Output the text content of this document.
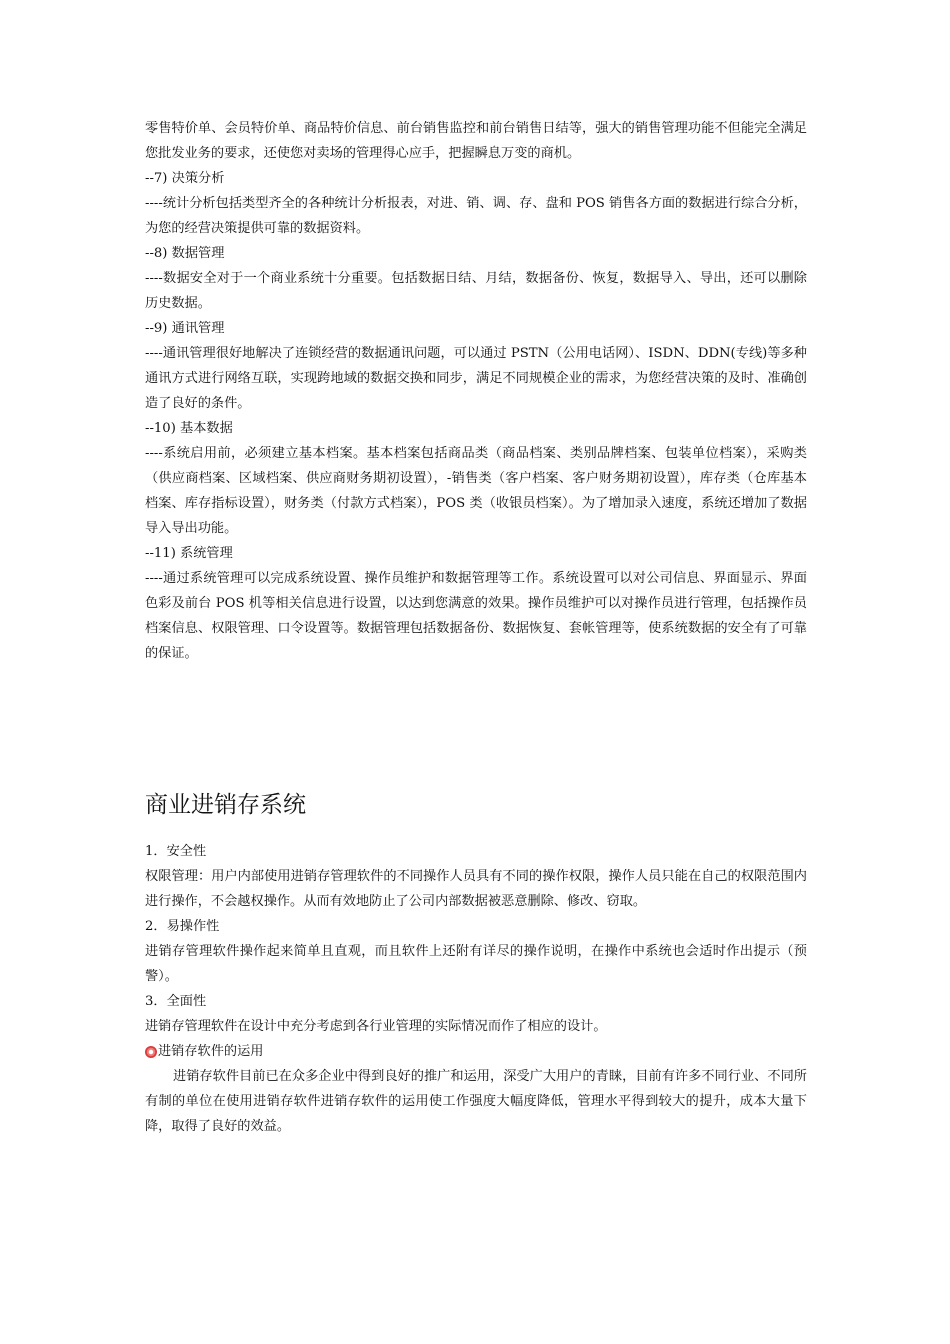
零售特价单、会员特价单、商品特价信息、前台销售监控和前台销售日结等，强大的销售管理功能不但能完全满足您批发业务的要求，还使您对卖场的管理得心应手，把握瞬息万变的商机。

--7) 决策分析

----统计分析包括类型齐全的各种统计分析报表，对进、销、调、存、盘和 POS 销售各方面的数据进行综合分析，为您的经营决策提供可靠的数据资料。

--8) 数据管理

----数据安全对于一个商业系统十分重要。包括数据日结、月结，数据备份、恢复，数据导入、导出，还可以删除历史数据。

--9) 通讯管理

----通讯管理很好地解决了连锁经营的数据通讯问题，可以通过 PSTN（公用电话网）、ISDN、DDN(专线)等多种通讯方式进行网络互联，实现跨地域的数据交换和同步，满足不同规模企业的需求，为您经营决策的及时、准确创造了良好的条件。

--10) 基本数据

----系统启用前，必须建立基本档案。基本档案包括商品类（商品档案、类别品牌档案、包装单位档案），采购类（供应商档案、区域档案、供应商财务期初设置），-销售类（客户档案、客户财务期初设置），库存类（仓库基本档案、库存指标设置），财务类（付款方式档案），POS 类（收银员档案）。为了增加录入速度，系统还增加了数据导入导出功能。

--11) 系统管理

----通过系统管理可以完成系统设置、操作员维护和数据管理等工作。系统设置可以对公司信息、界面显示、界面色彩及前台 POS 机等相关信息进行设置，以达到您满意的效果。操作员维护可以对操作员进行管理，包括操作员档案信息、权限管理、口令设置等。数据管理包括数据备份、数据恢复、套帐管理等，使系统数据的安全有了可靠的保证。

商业进销存系统

1．安全性

权限管理：用户内部使用进销存管理软件的不同操作人员具有不同的操作权限，操作人员只能在自己的权限范围内进行操作，不会越权操作。从而有效地防止了公司内部数据被恶意删除、修改、窃取。

2．易操作性

进销存管理软件操作起来简单且直观，而且软件上还附有详尽的操作说明，在操作中系统也会适时作出提示（预警）。

3．全面性

进销存管理软件在设计中充分考虑到各行业管理的实际情况而作了相应的设计。

进销存软件的运用

进销存软件目前已在众多企业中得到良好的推广和运用，深受广大用户的青睐，目前有许多不同行业、不同所有制的单位在使用进销存软件进销存软件的运用使工作强度大幅度降低，管理水平得到较大的提升，成本大量下降，取得了良好的效益。
